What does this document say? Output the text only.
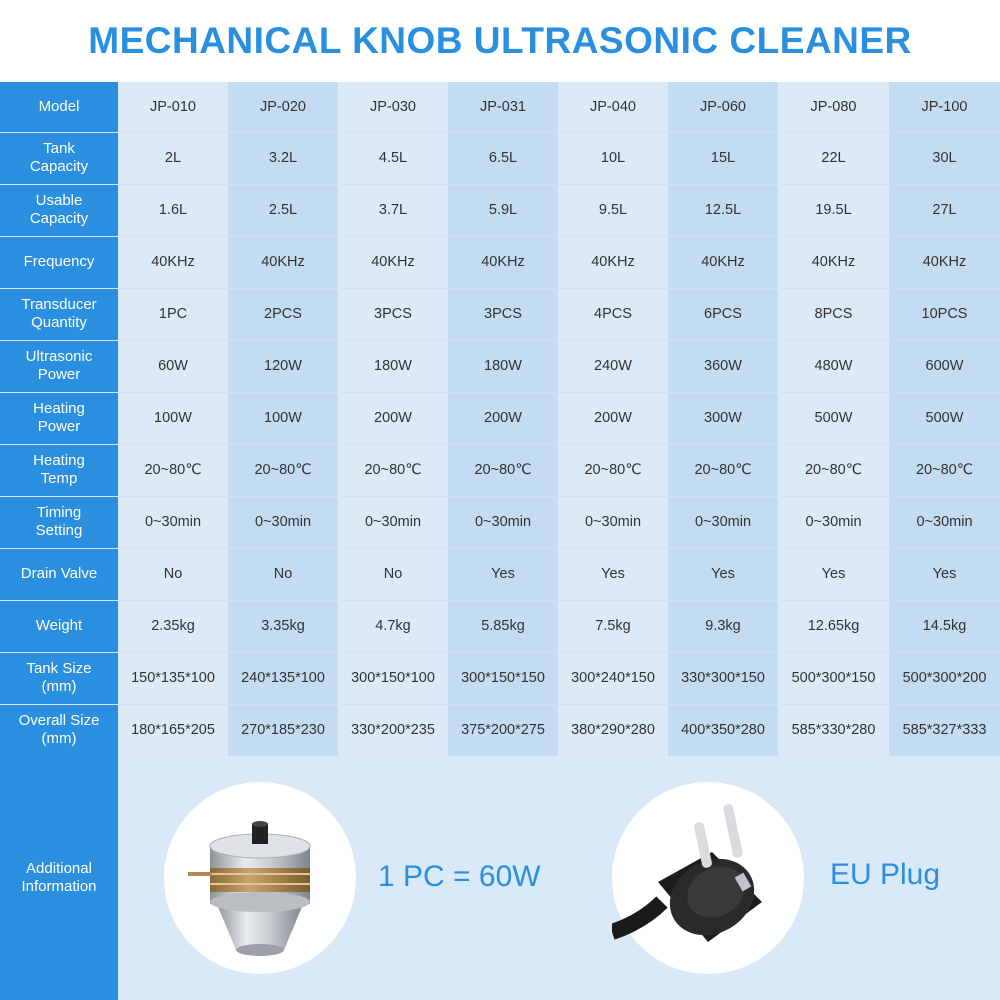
MECHANICAL KNOB ULTRASONIC CLEANER
Model	JP-010	JP-020	JP-030	JP-031	JP-040	JP-060	JP-080	JP-100

Tank
Capacity	2L	3.2L	4.5L	6.5L	10L	15L	22L	30L

Usable
Capacity	1.6L	2.5L	3.7L	5.9L	9.5L	12.5L	19.5L	27L

Frequency	40KHz	40KHz	40KHz	40KHz	40KHz	40KHz	40KHz	40KHz

Transducer
Quantity	1PC	2PCS	3PCS	3PCS	4PCS	6PCS	8PCS	10PCS

Ultrasonic
Power	60W	120W	180W	180W	240W	360W	480W	600W

Heating
Power	100W	100W	200W	200W	200W	300W	500W	500W

Heating
Temp	20~80℃	20~80℃	20~80℃	20~80℃	20~80℃	20~80℃	20~80℃	20~80℃

Timing
Setting	0~30min	0~30min	0~30min	0~30min	0~30min	0~30min	0~30min	0~30min

Drain Valve	No	No	No	Yes	Yes	Yes	Yes	Yes

Weight	2.35kg	3.35kg	4.7kg	5.85kg	7.5kg	9.3kg	12.65kg	14.5kg

Tank Size
(mm)	150*135*100	240*135*100	300*150*100	300*150*150	300*240*150	330*300*150	500*300*150	500*300*200

Overall Size
(mm)	180*165*205	270*185*230	330*200*235	375*200*275	380*290*280	400*350*280	585*330*280	585*327*333
Additional
Information	1 PC = 60W	EU Plug
